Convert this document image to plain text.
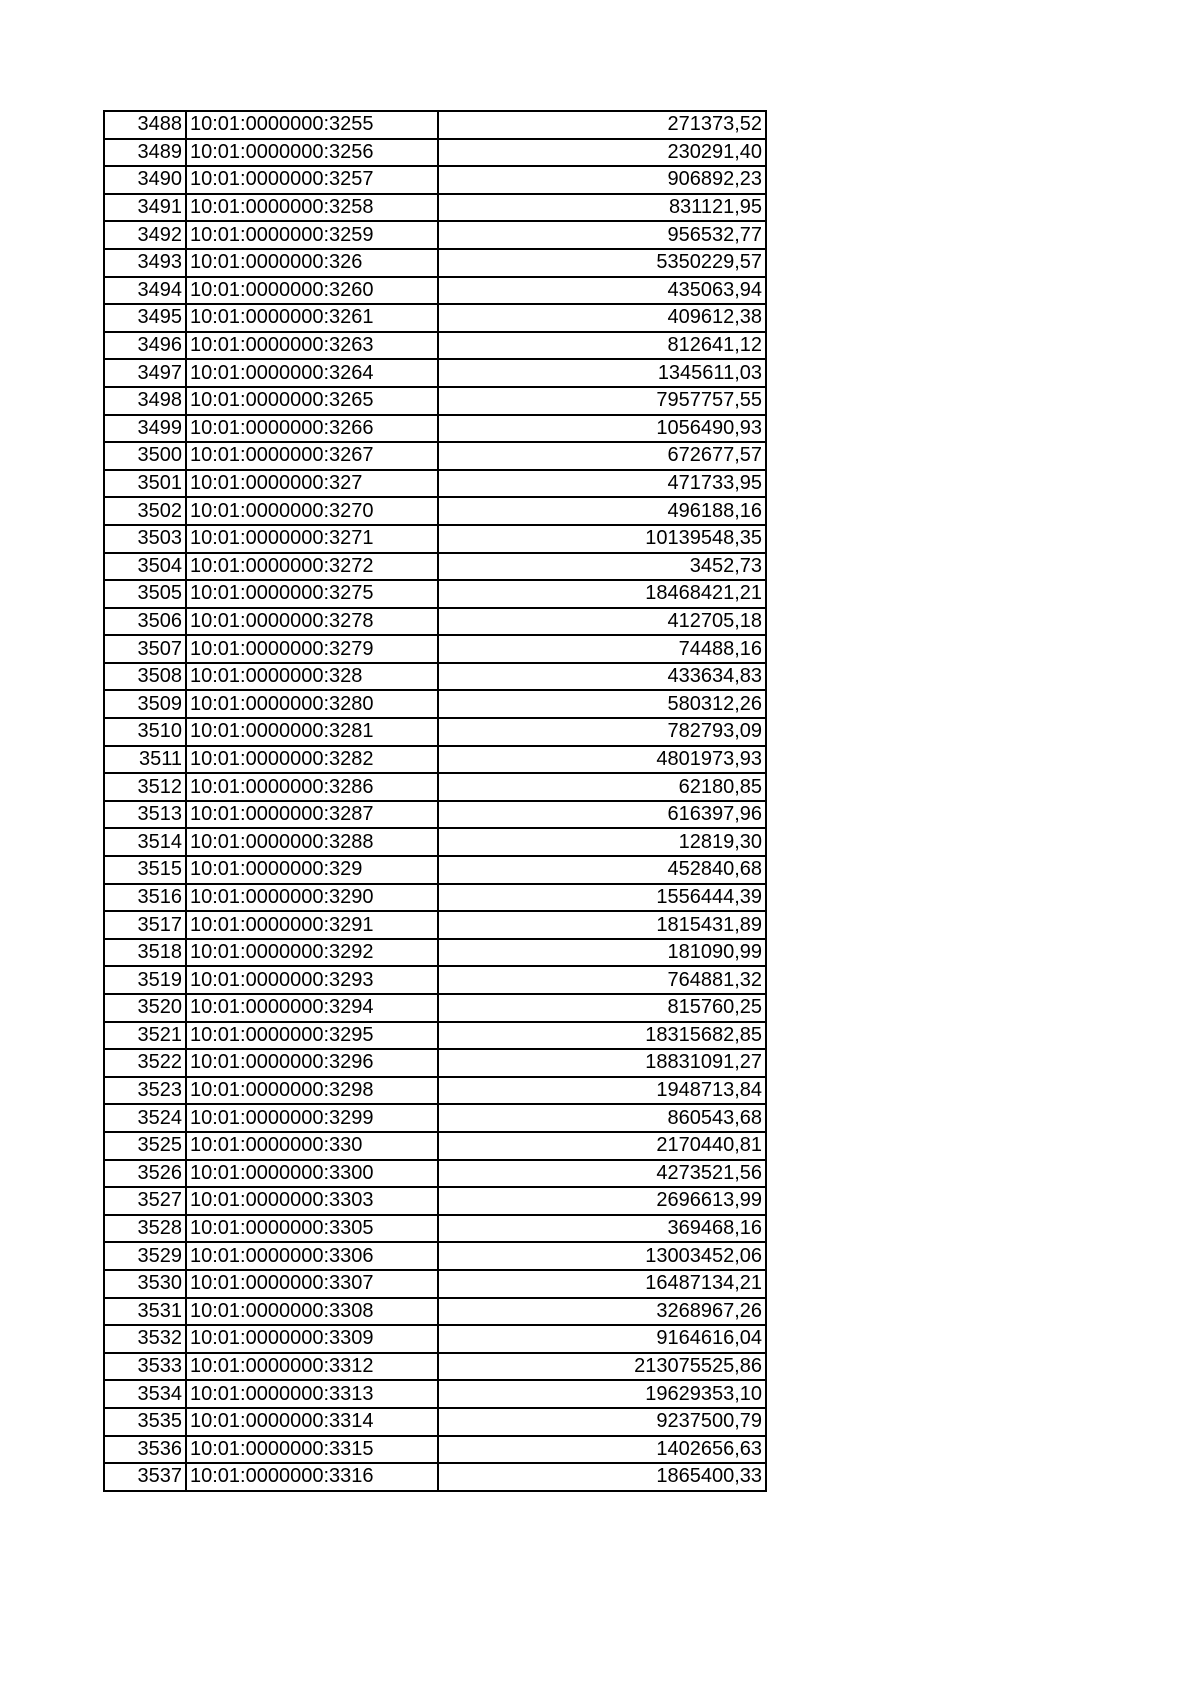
3488	10:01:0000000:3255	271373,52
3489	10:01:0000000:3256	230291,40
3490	10:01:0000000:3257	906892,23
3491	10:01:0000000:3258	831121,95
3492	10:01:0000000:3259	956532,77
3493	10:01:0000000:326	5350229,57
3494	10:01:0000000:3260	435063,94
3495	10:01:0000000:3261	409612,38
3496	10:01:0000000:3263	812641,12
3497	10:01:0000000:3264	1345611,03
3498	10:01:0000000:3265	7957757,55
3499	10:01:0000000:3266	1056490,93
3500	10:01:0000000:3267	672677,57
3501	10:01:0000000:327	471733,95
3502	10:01:0000000:3270	496188,16
3503	10:01:0000000:3271	10139548,35
3504	10:01:0000000:3272	3452,73
3505	10:01:0000000:3275	18468421,21
3506	10:01:0000000:3278	412705,18
3507	10:01:0000000:3279	74488,16
3508	10:01:0000000:328	433634,83
3509	10:01:0000000:3280	580312,26
3510	10:01:0000000:3281	782793,09
3511	10:01:0000000:3282	4801973,93
3512	10:01:0000000:3286	62180,85
3513	10:01:0000000:3287	616397,96
3514	10:01:0000000:3288	12819,30
3515	10:01:0000000:329	452840,68
3516	10:01:0000000:3290	1556444,39
3517	10:01:0000000:3291	1815431,89
3518	10:01:0000000:3292	181090,99
3519	10:01:0000000:3293	764881,32
3520	10:01:0000000:3294	815760,25
3521	10:01:0000000:3295	18315682,85
3522	10:01:0000000:3296	18831091,27
3523	10:01:0000000:3298	1948713,84
3524	10:01:0000000:3299	860543,68
3525	10:01:0000000:330	2170440,81
3526	10:01:0000000:3300	4273521,56
3527	10:01:0000000:3303	2696613,99
3528	10:01:0000000:3305	369468,16
3529	10:01:0000000:3306	13003452,06
3530	10:01:0000000:3307	16487134,21
3531	10:01:0000000:3308	3268967,26
3532	10:01:0000000:3309	9164616,04
3533	10:01:0000000:3312	213075525,86
3534	10:01:0000000:3313	19629353,10
3535	10:01:0000000:3314	9237500,79
3536	10:01:0000000:3315	1402656,63
3537	10:01:0000000:3316	1865400,33
